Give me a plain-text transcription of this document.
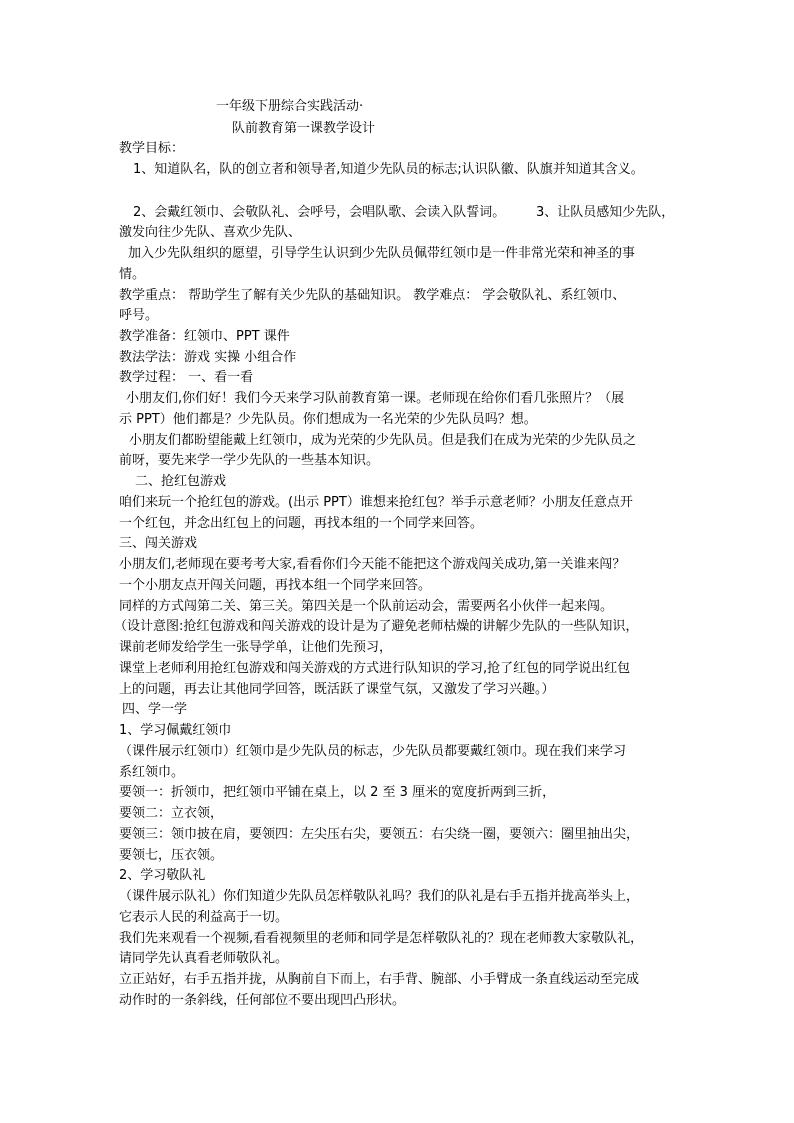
一年级下册综合实践活动·
队前教育第一课教学设计
教学目标：
1、知道队名，队的创立者和领导者,知道少先队员的标志;认识队徽、队旗并知道其含义。
2、会戴红领巾、会敬队礼、会呼号，会唱队歌、会读入队誓词。 3、让队员感知少先队，
激发向往少先队、喜欢少先队、
加入少先队组织的愿望，引导学生认识到少先队员佩带红领巾是一件非常光荣和神圣的事
情。
教学重点： 帮助学生了解有关少先队的基础知识。 教学难点： 学会敬队礼、系红领巾、
呼号。
教学准备：红领巾、PPT 课件
教法学法：游戏 实操 小组合作
教学过程： 一、看一看
小朋友们,你们好！我们今天来学习队前教育第一课。老师现在给你们看几张照片？（展
示 PPT）他们都是？少先队员。你们想成为一名光荣的少先队员吗？想。
小朋友们都盼望能戴上红领巾，成为光荣的少先队员。但是我们在成为光荣的少先队员之
前呀，要先来学一学少先队的一些基本知识。
二、抢红包游戏
咱们来玩一个抢红包的游戏。(出示 PPT）谁想来抢红包？举手示意老师？小朋友任意点开
一个红包，并念出红包上的问题，再找本组的一个同学来回答。
三、闯关游戏
小朋友们,老师现在要考考大家,看看你们今天能不能把这个游戏闯关成功,第一关谁来闯？
一个小朋友点开闯关问题，再找本组一个同学来回答。
同样的方式闯第二关、第三关。第四关是一个队前运动会，需要两名小伙伴一起来闯。
（设计意图:抢红包游戏和闯关游戏的设计是为了避免老师枯燥的讲解少先队的一些队知识，
课前老师发给学生一张导学单，让他们先预习，
课堂上老师利用抢红包游戏和闯关游戏的方式进行队知识的学习,抢了红包的同学说出红包
上的问题，再去让其他同学回答，既活跃了课堂气氛，又激发了学习兴趣。）
四、学一学
1、学习佩戴红领巾
（课件展示红领巾）红领巾是少先队员的标志，少先队员都要戴红领巾。现在我们来学习
系红领巾。
要领一：折领巾，把红领巾平铺在桌上，以 2 至 3 厘米的宽度折两到三折，
要领二：立衣领，
要领三：领巾披在肩，要领四：左尖压右尖，要领五：右尖绕一圈，要领六：圈里抽出尖，
要领七，压衣领。
2、学习敬队礼
（课件展示队礼）你们知道少先队员怎样敬队礼吗？我们的队礼是右手五指并拢高举头上，
它表示人民的利益高于一切。
我们先来观看一个视频,看看视频里的老师和同学是怎样敬队礼的？现在老师教大家敬队礼，
请同学先认真看老师敬队礼。
立正站好，右手五指并拢，从胸前自下而上，右手背、腕部、小手臂成一条直线运动至完成
动作时的一条斜线，任何部位不要出现凹凸形状。
